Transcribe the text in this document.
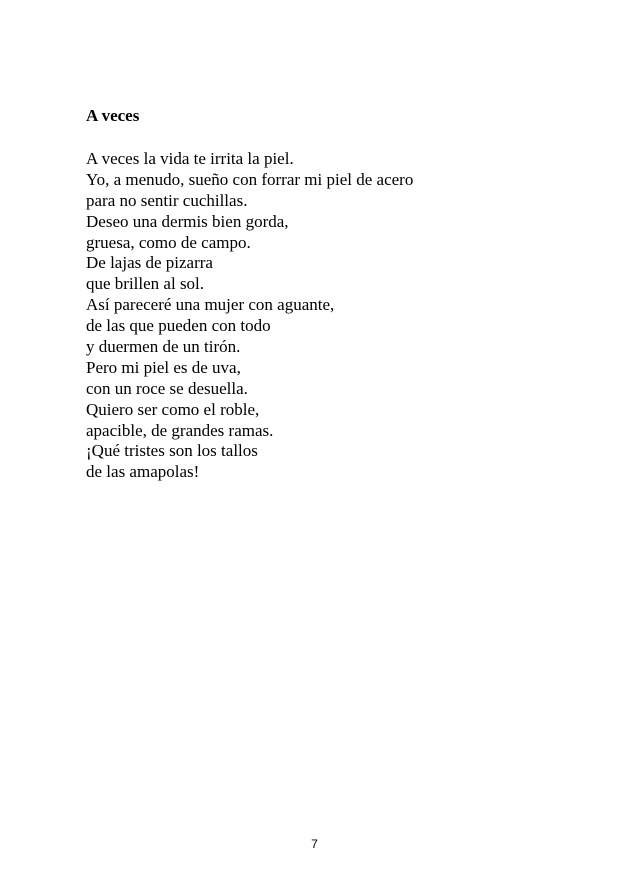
A veces
A veces la vida te irrita la piel.
Yo, a menudo, sueño con forrar mi piel de acero
para no sentir cuchillas.
Deseo una dermis bien gorda,
gruesa, como de campo.
De lajas de pizarra
que brillen al sol.
Así pareceré una mujer con aguante,
de las que pueden con todo
y duermen de un tirón.
Pero mi piel es de uva,
con un roce se desuella.
Quiero ser como el roble,
apacible, de grandes ramas.
¡Qué tristes son los tallos
de las amapolas!
7
